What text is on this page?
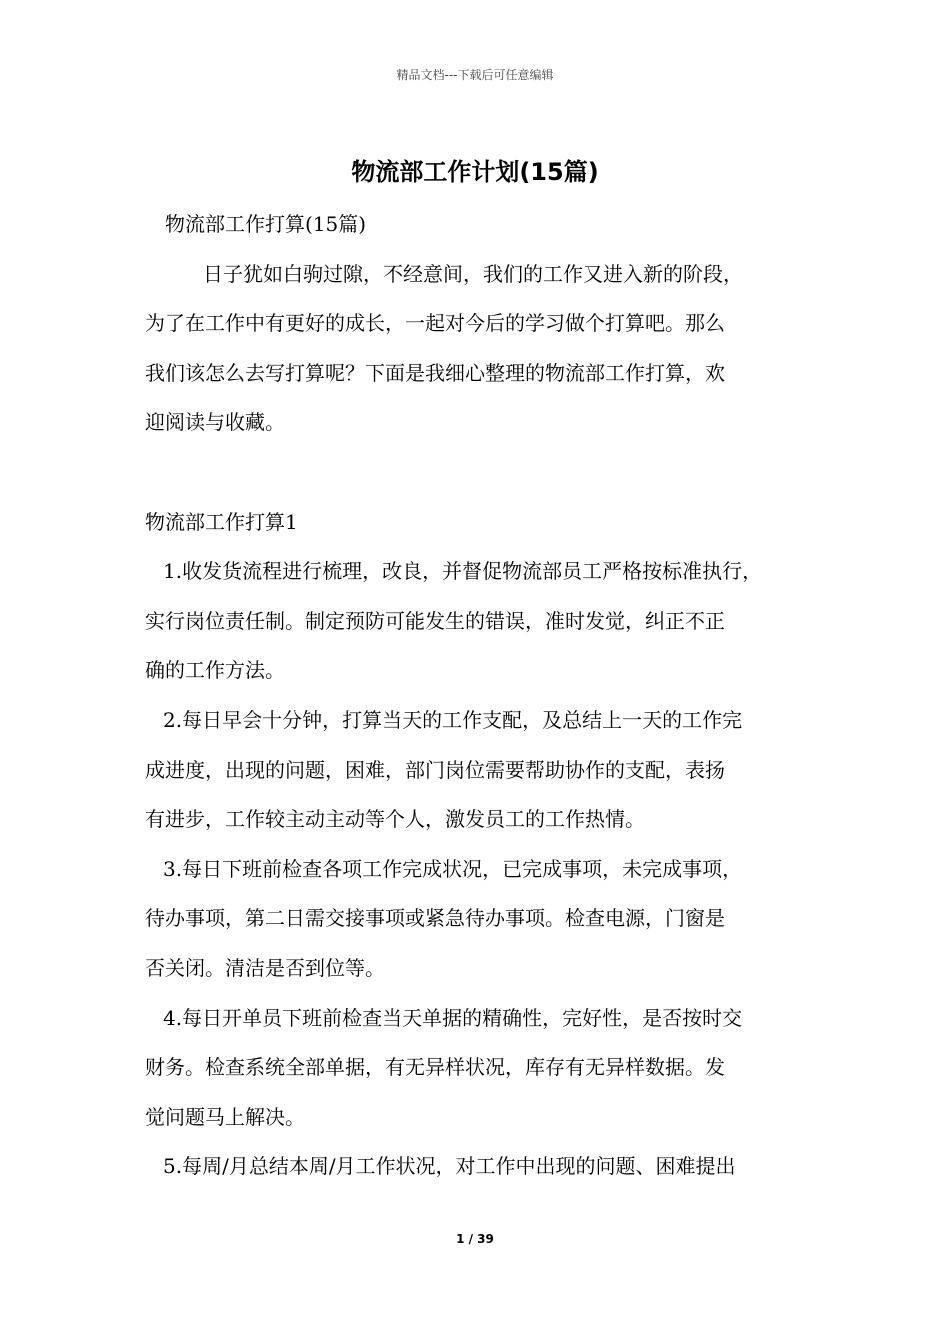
精品文档---下载后可任意编辑
物流部工作计划(15篇)
物流部工作打算(15篇)
日子犹如白驹过隙，不经意间，我们的工作又进入新的阶段，
为了在工作中有更好的成长，一起对今后的学习做个打算吧。那么
我们该怎么去写打算呢？下面是我细心整理的物流部工作打算，欢
迎阅读与收藏。
物流部工作打算1
1.收发货流程进行梳理，改良，并督促物流部员工严格按标准执行，
实行岗位责任制。制定预防可能发生的错误，准时发觉，纠正不正
确的工作方法。
2.每日早会十分钟，打算当天的工作支配，及总结上一天的工作完
成进度，出现的问题，困难，部门岗位需要帮助协作的支配，表扬
有进步，工作较主动主动等个人，激发员工的工作热情。
3.每日下班前检查各项工作完成状况，已完成事项，未完成事项，
待办事项，第二日需交接事项或紧急待办事项。检查电源，门窗是
否关闭。清洁是否到位等。
4.每日开单员下班前检查当天单据的精确性，完好性，是否按时交
财务。检查系统全部单据，有无异样状况，库存有无异样数据。发
觉问题马上解决。
5.每周/月总结本周/月工作状况，对工作中出现的问题、困难提出
1 / 39
